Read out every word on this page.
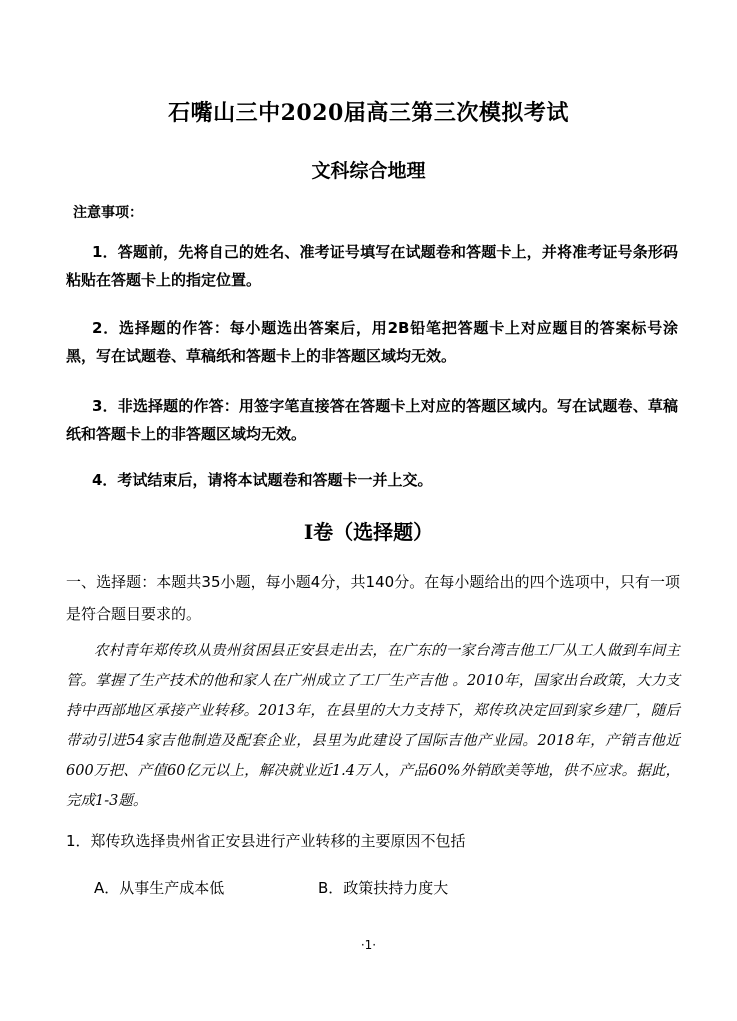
石嘴山三中2020届高三第三次模拟考试
文科综合地理
注意事项：
1．答题前，先将自己的姓名、准考证号填写在试题卷和答题卡上，并将准考证号条形码粘贴在答题卡上的指定位置。
2．选择题的作答：每小题选出答案后，用2B铅笔把答题卡上对应题目的答案标号涂黑，写在试题卷、草稿纸和答题卡上的非答题区域均无效。
3．非选择题的作答：用签字笔直接答在答题卡上对应的答题区域内。写在试题卷、草稿纸和答题卡上的非答题区域均无效。
4．考试结束后，请将本试题卷和答题卡一并上交。
Ⅰ卷（选择题）
一、选择题：本题共35小题，每小题4分，共140分。在每小题给出的四个选项中，只有一项是符合题目要求的。
农村青年郑传玖从贵州贫困县正安县走出去，在广东的一家台湾吉他工厂从工人做到车间主管。掌握了生产技术的他和家人在广州成立了工厂生产吉他 。2010年，国家出台政策，大力支持中西部地区承接产业转移。2013年，在县里的大力支持下，郑传玖决定回到家乡建厂，随后带动引进54家吉他制造及配套企业，县里为此建设了国际吉他产业园。2018年，产销吉他近600万把、产值60亿元以上，解决就业近1.4万人，产品60%外销欧美等地，供不应求。据此，完成1-3题。
1．郑传玖选择贵州省正安县进行产业转移的主要原因不包括
A．从事生产成本低	B．政策扶持力度大
·1·
